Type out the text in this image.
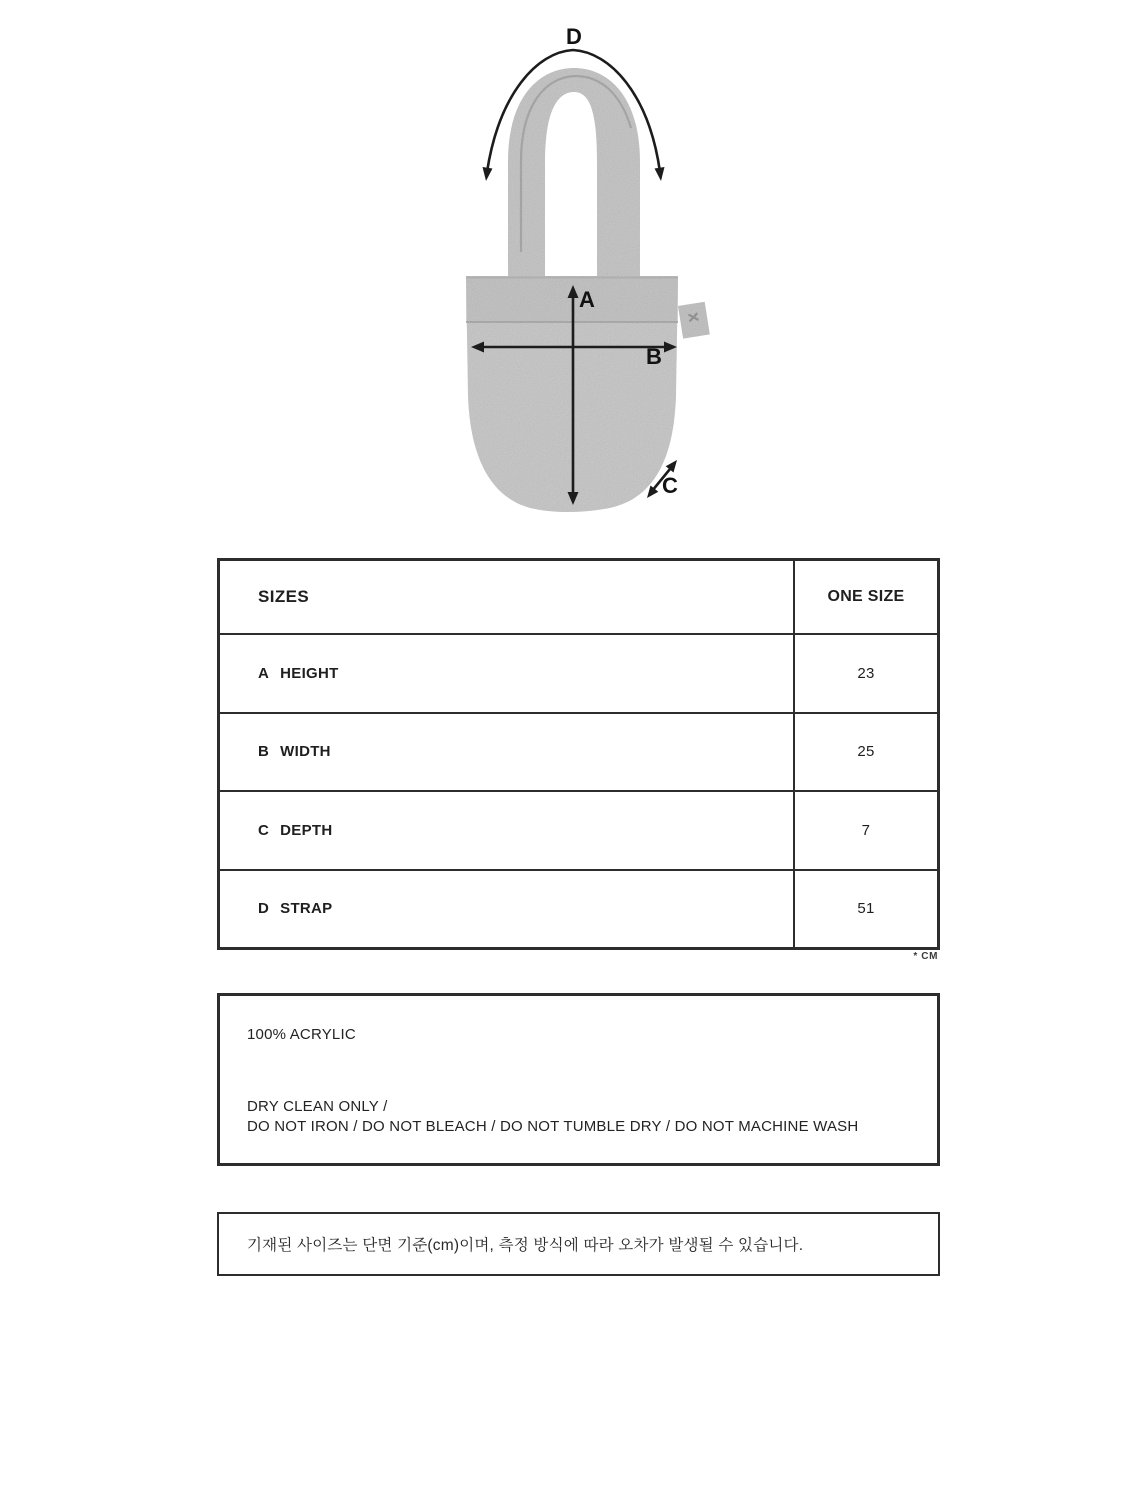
D
A
B
C
SIZES	ONE SIZE
A HEIGHT	23
B WIDTH	25
C DEPTH	7
D STRAP	51
* CM
100% ACRYLIC
DRY CLEAN ONLY /
DO NOT IRON / DO NOT BLEACH / DO NOT TUMBLE DRY / DO NOT MACHINE WASH
기재된 사이즈는 단면 기준(cm)이며, 측정 방식에 따라 오차가 발생될 수 있습니다.
